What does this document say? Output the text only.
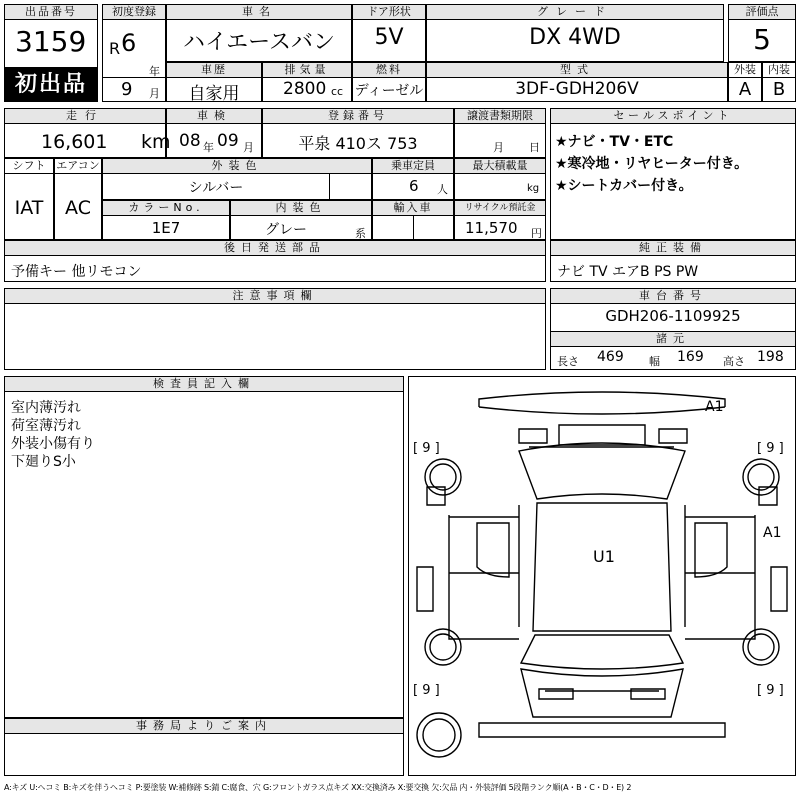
出品番号
3159
初出品
初度登録
R 6
年
9 月
車名
ハイエースバン
ドア形状
5V
グレード
DX 4WD
評価点
5
車歴
自家用
排気量
2800 cc
燃料
ディーゼル
型式
3DF-GDH206V
外装
A
内装
B
走行
16,601 km
車検
08 年 09 月
登録番号
平泉 410ス 753
譲渡書類期限
月 日
シフト
IAT
エアコン
AC
外装色
シルバー
乗車定員
6 人
最大積載量
kg
カラーNo.
1E7
内装色
グレー	系
輸入車	リサイクル預託金
11,570 円
セールスポイント
★ナビ・TV・ETC
★寒冷地・リヤヒーター付き。
★シートカバー付き。
後日発送部品
予備キー 他リモコン
純正装備
ナビ TV エアB PS PW
注意事項欄	車台番号
GDH206-1109925
諸元
長さ 469 幅 169 高さ 198
検査員記入欄
室内薄汚れ
荷室薄汚れ
外装小傷有り
下廻りS小
事務局よりご案内
A1
A1
U1
[ 9 ]	[ 9 ]
[ 9 ]	[ 9 ]
A:キズ U:ヘコミ B:キズを伴うヘコミ P:要塗装 W:補修跡 S:錆 C:腐食、穴 G:フロントガラス点キズ XX:交換済み X:要交換 欠:欠品 内・外装評価 5段階ランク順(A・B・C・D・E) 2
